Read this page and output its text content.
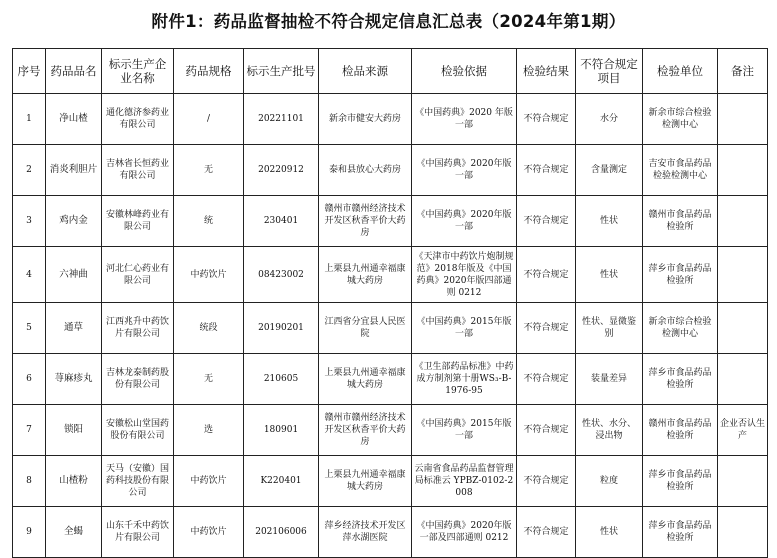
附件1：药品监督抽检不符合规定信息汇总表（2024年第1期）
序号	药品品名	标示生产企业名称	药品规格	标示生产批号	检品来源	检验依据	检验结果	不符合规定项目	检验单位	备注
1	净山楂	通化德济参药业有限公司	/	20221101	新余市健安大药房	《中国药典》2020 年版一部	不符合规定	水分	新余市综合检验检测中心	
2	消炎利胆片	吉林省长恒药业有限公司	无	20220912	泰和县放心大药房	《中国药典》2020年版一部	不符合规定	含量测定	吉安市食品药品检验检测中心	
3	鸡内金	安徽林峰药业有限公司	统	230401	赣州市赣州经济技术开发区秋香平价大药房	《中国药典》2020年版一部	不符合规定	性状	赣州市食品药品检验所	
4	六神曲	河北仁心药业有限公司	中药饮片	08423002	上栗县九州通幸福康城大药房	《天津市中药饮片炮制规范》2018年版及《中国药典》2020年版四部通则 0212	不符合规定	性状	萍乡市食品药品检验所	
5	通草	江西兆升中药饮片有限公司	统段	20190201	江西省分宜县人民医院	《中国药典》2015年版一部	不符合规定	性状、显微鉴别	新余市综合检验检测中心	
6	荨麻疹丸	吉林龙泰制药股份有限公司	无	210605	上栗县九州通幸福康城大药房	《卫生部药品标准》中药成方制剂第十册WS₃-B-1976-95	不符合规定	装量差异	萍乡市食品药品检验所	
7	锁阳	安徽松山堂国药股份有限公司	选	180901	赣州市赣州经济技术开发区秋香平价大药房	《中国药典》2015年版一部	不符合规定	性状、水分、浸出物	赣州市食品药品检验所	企业否认生产
8	山楂粉	天马（安徽）国药科技股份有限公司	中药饮片	K220401	上栗县九州通幸福康城大药房	云南省食品药品监督管理局标准云 YPBZ-0102-2008	不符合规定	粒度	萍乡市食品药品检验所	
9	全蝎	山东千禾中药饮片有限公司	中药饮片	202106006	萍乡经济技术开发区萍水湖医院	《中国药典》2020年版一部及四部通则 0212	不符合规定	性状	萍乡市食品药品检验所	
